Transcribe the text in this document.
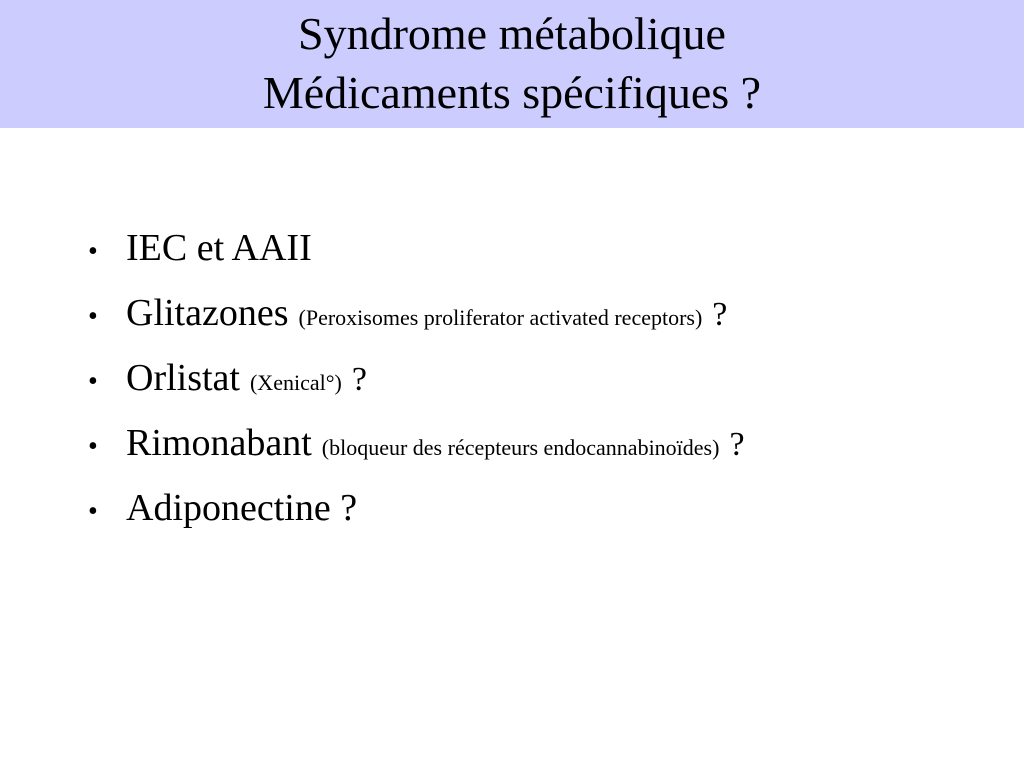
Syndrome métabolique
Médicaments spécifiques ?
• IEC et AAII
• Glitazones (Peroxisomes proliferator activated receptors) ?
• Orlistat (Xenical°) ?
• Rimonabant (bloqueur des récepteurs endocannabinoïdes) ?
• Adiponectine ?
